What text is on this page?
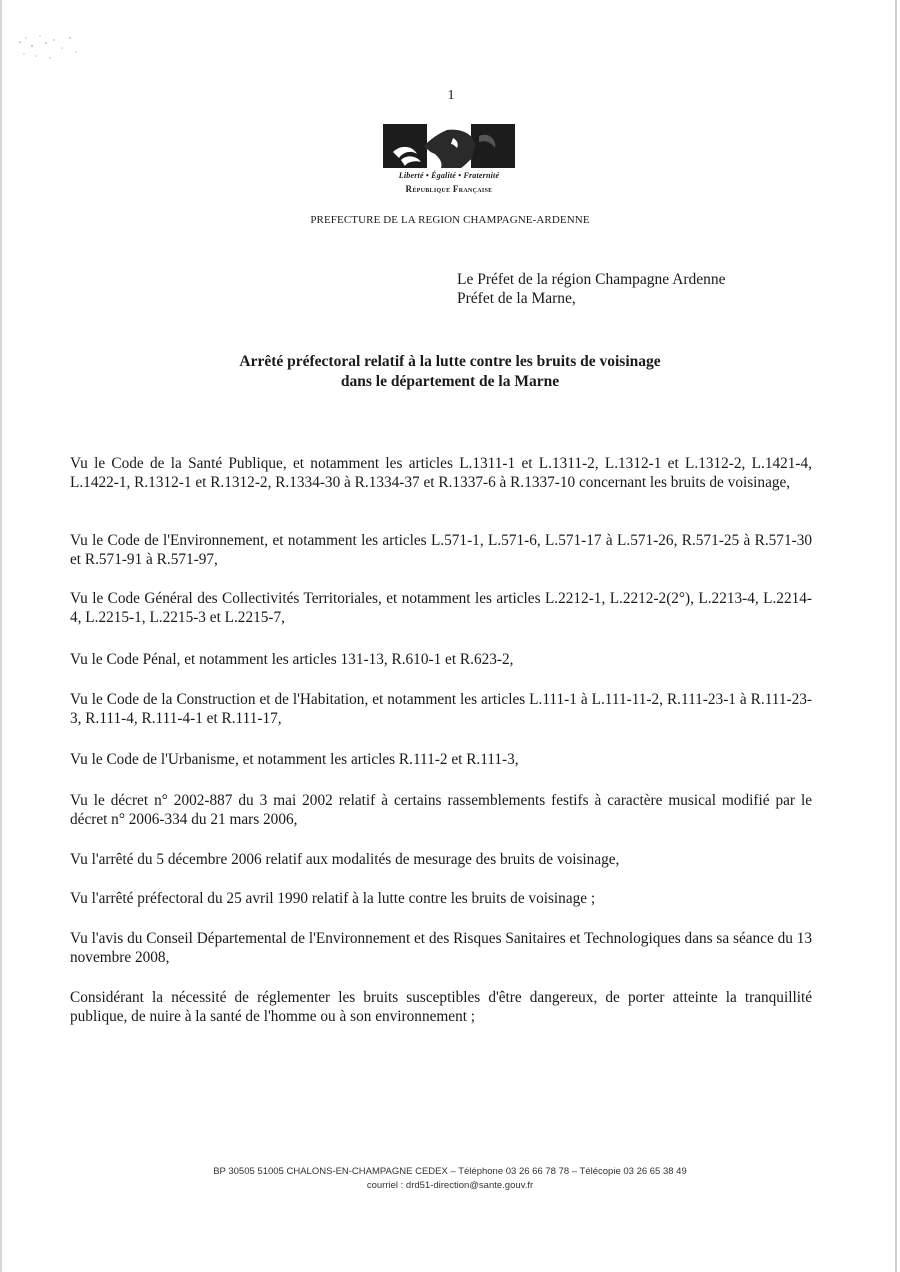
1
Liberté • Égalité • Fraternité
République Française
PREFECTURE DE LA REGION CHAMPAGNE-ARDENNE
Le Préfet de la région Champagne Ardenne
Préfet de la Marne,
Arrêté préfectoral relatif à la lutte contre les bruits de voisinage
dans le département de la Marne

Vu le Code de la Santé Publique, et notamment les articles L.1311-1 et L.1311-2, L.1312-1 et L.1312-2, L.1421-4, L.1422-1, R.1312-1 et R.1312-2, R.1334-30 à R.1334-37 et R.1337-6 à R.1337-10 concernant les bruits de voisinage,

Vu le Code de l'Environnement, et notamment les articles L.571-1, L.571-6, L.571-17 à L.571-26, R.571-25 à R.571-30 et R.571-91 à R.571-97,

Vu le Code Général des Collectivités Territoriales, et notamment les articles L.2212-1, L.2212-2(2°), L.2213-4, L.2214-4, L.2215-1, L.2215-3 et L.2215-7,

Vu le Code Pénal, et notamment les articles 131-13, R.610-1 et R.623-2,

Vu le Code de la Construction et de l'Habitation, et notamment les articles L.111-1 à L.111-11-2, R.111-23-1 à R.111-23-3, R.111-4, R.111-4-1 et R.111-17,

Vu le Code de l'Urbanisme, et notamment les articles R.111-2 et R.111-3,

Vu le décret n° 2002-887 du 3 mai 2002 relatif à certains rassemblements festifs à caractère musical modifié par le décret n° 2006-334 du 21 mars 2006,

Vu l'arrêté du 5 décembre 2006 relatif aux modalités de mesurage des bruits de voisinage,

Vu l'arrêté préfectoral du 25 avril 1990 relatif à la lutte contre les bruits de voisinage ;

Vu l'avis du Conseil Départemental de l'Environnement et des Risques Sanitaires et Technologiques dans sa séance du 13 novembre 2008,

Considérant la nécessité de réglementer les bruits susceptibles d'être dangereux, de porter atteinte la tranquillité publique, de nuire à la santé de l'homme ou à son environnement ;

BP 30505 51005 CHALONS-EN-CHAMPAGNE CEDEX – Téléphone 03 26 66 78 78 – Télécopie 03 26 65 38 49
courriel : drd51-direction@sante.gouv.fr
